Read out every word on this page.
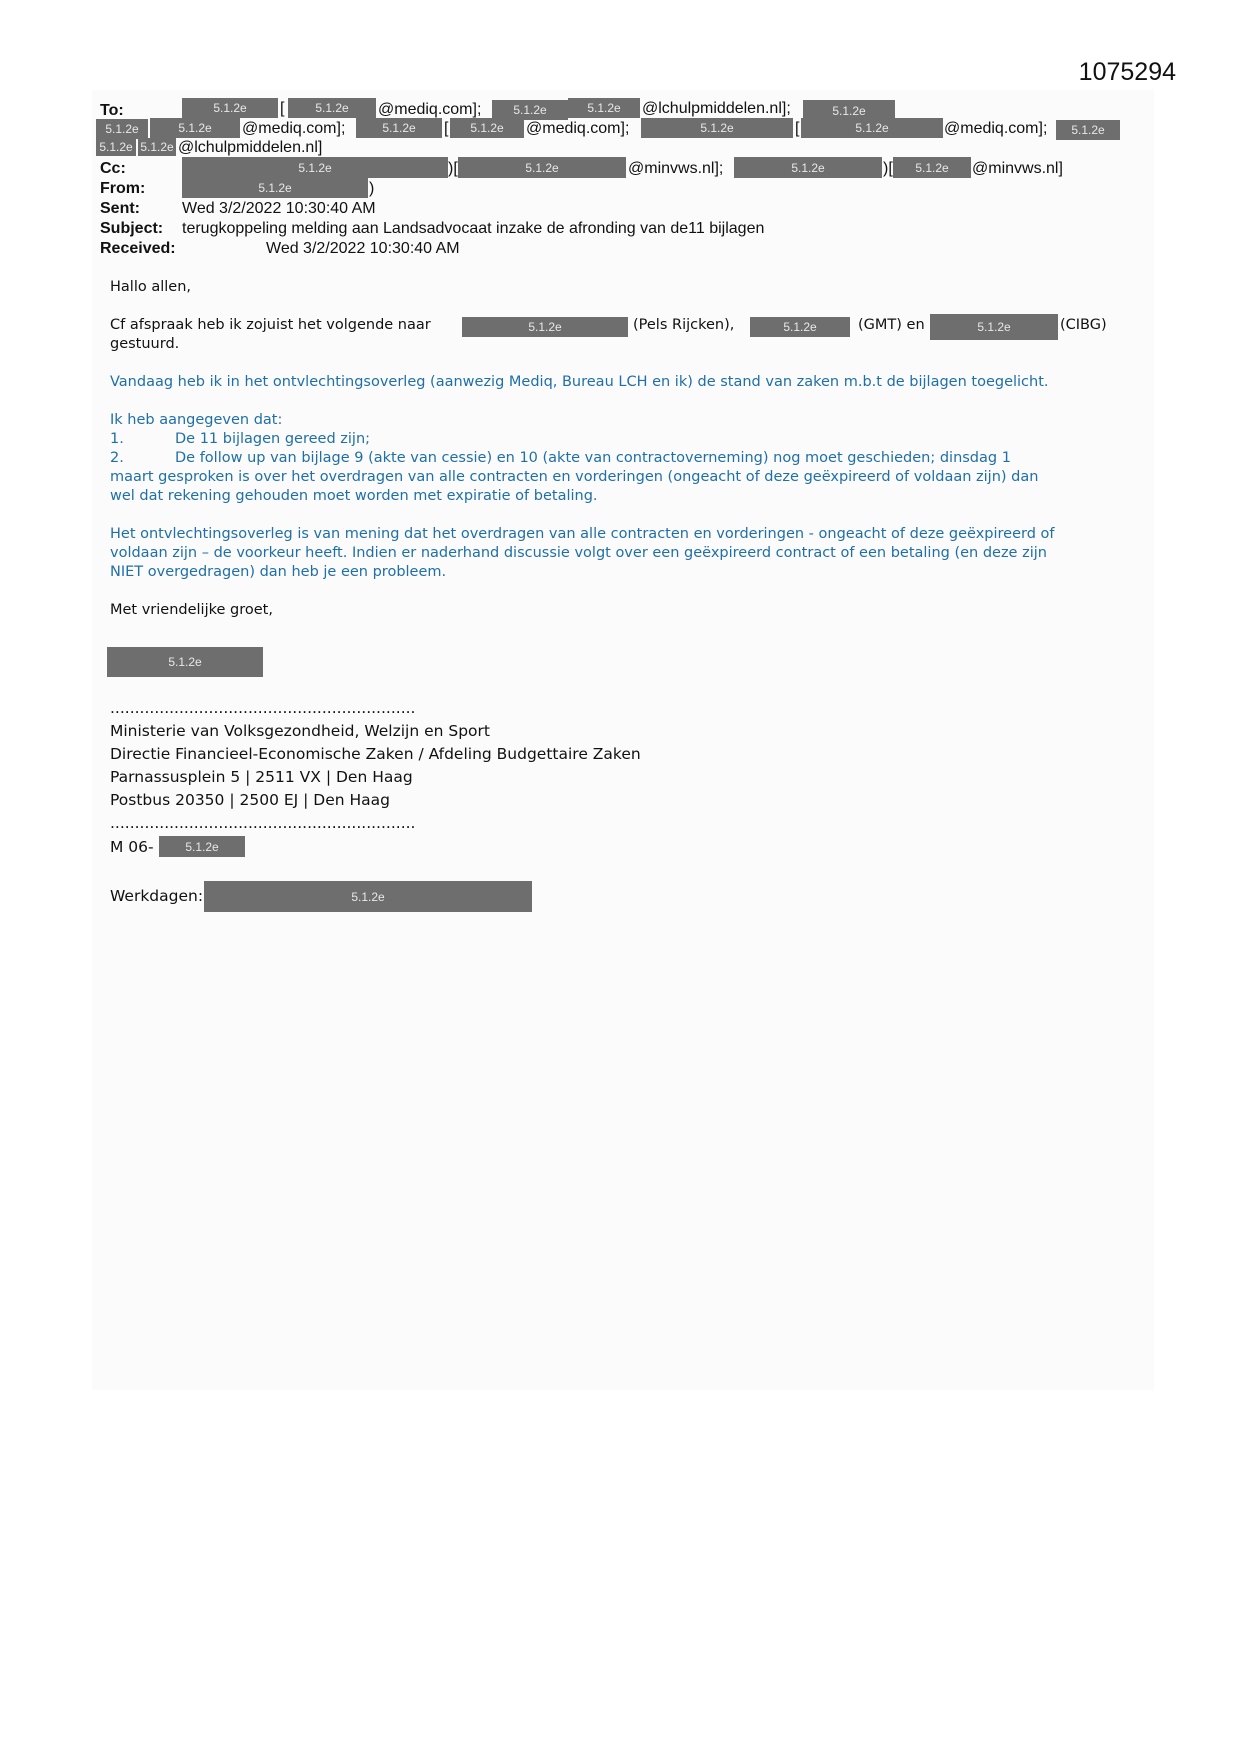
1075294
To:	5.1.2e	[	5.1.2e	@mediq.com];	5.1.2e	5.1.2e	@lchulpmiddelen.nl];	5.1.2e
5.1.2e	5.1.2e	@mediq.com];	5.1.2e	[	5.1.2e	@mediq.com];	5.1.2e	[	5.1.2e	@mediq.com];	5.1.2e
5.1.2e 5.1.2e @lchulpmiddelen.nl]
Cc:	5.1.2e	)[	5.1.2e	@minvws.nl];	5.1.2e	)[	5.1.2e	@minvws.nl]
From:	5.1.2e	)
Sent:	Wed 3/2/2022 10:30:40 AM
Subject: terugkoppeling melding aan Landsadvocaat inzake de afronding van de11 bijlagen
Received:	Wed 3/2/2022 10:30:40 AM
Hallo allen,
Cf afspraak heb ik zojuist het volgende naar	5.1.2e	(Pels Rijcken),	5.1.2e	(GMT) en	5.1.2e	(CIBG)
gestuurd.
Vandaag heb ik in het ontvlechtingsoverleg (aanwezig Mediq, Bureau LCH en ik) de stand van zaken m.b.t de bijlagen toegelicht.
Ik heb aangegeven dat:
1.	De 11 bijlagen gereed zijn;
2.	De follow up van bijlage 9 (akte van cessie) en 10 (akte van contractoverneming) nog moet geschieden; dinsdag 1
maart gesproken is over het overdragen van alle contracten en vorderingen (ongeacht of deze geëxpireerd of voldaan zijn) dan
wel dat rekening gehouden moet worden met expiratie of betaling.
Het ontvlechtingsoverleg is van mening dat het overdragen van alle contracten en vorderingen - ongeacht of deze geëxpireerd of
voldaan zijn – de voorkeur heeft. Indien er naderhand discussie volgt over een geëxpireerd contract of een betaling (en deze zijn
NIET overgedragen) dan heb je een probleem.
Met vriendelijke groet,
5.1.2e
..............................................................
Ministerie van Volksgezondheid, Welzijn en Sport
Directie Financieel-Economische Zaken / Afdeling Budgettaire Zaken
Parnassusplein 5 | 2511 VX | Den Haag
Postbus 20350 | 2500 EJ | Den Haag
..............................................................
M 06-	5.1.2e
Werkdagen:	5.1.2e
